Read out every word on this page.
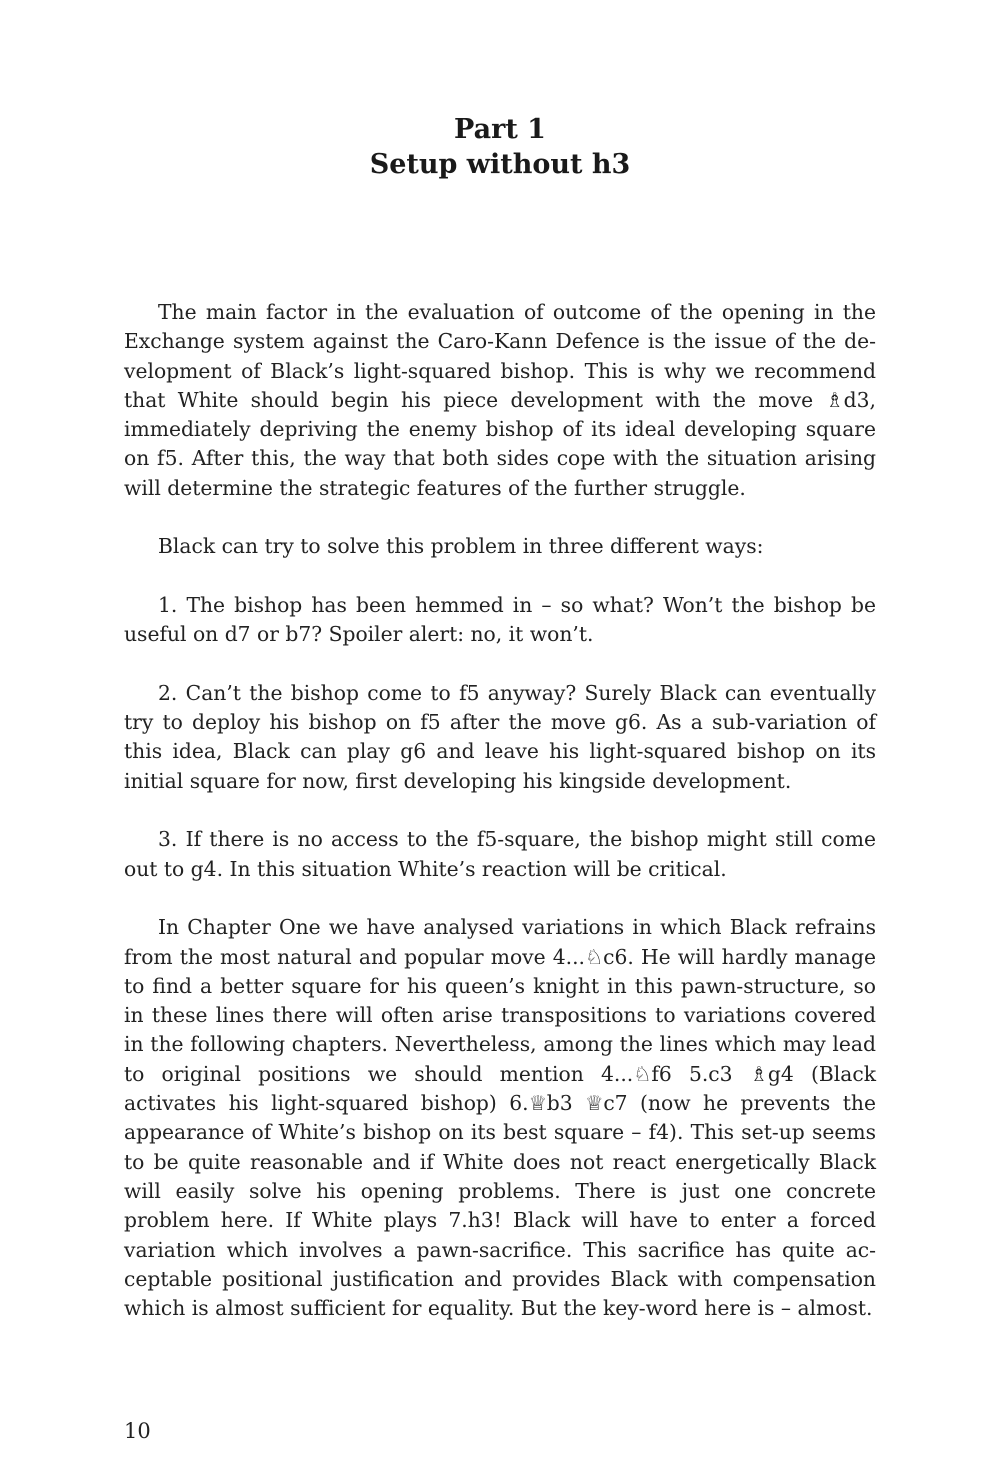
Part 1
Setup without h3

The main factor in the evaluation of outcome of the opening in the Exchange system against the Caro-Kann Defence is the issue of the development of Black’s light-squared bishop. This is why we recommend that White should begin his piece development with the move ♗d3, immediately depriving the enemy bishop of its ideal developing square on f5. After this, the way that both sides cope with the situation arising will determine the strategic features of the further struggle.

Black can try to solve this problem in three different ways:

1. The bishop has been hemmed in – so what? Won’t the bishop be useful on d7 or b7? Spoiler alert: no, it won’t.

2. Can’t the bishop come to f5 anyway? Surely Black can eventually try to deploy his bishop on f5 after the move g6. As a sub-variation of this idea, Black can play g6 and leave his light-squared bishop on its initial square for now, first developing his kingside development.

3. If there is no access to the f5-square, the bishop might still come out to g4. In this situation White’s reaction will be critical.

In Chapter One we have analysed variations in which Black refrains from the most natural and popular move 4...♘c6. He will hardly manage to find a better square for his queen’s knight in this pawn-structure, so in these lines there will often arise transpositions to variations covered in the following chapters. Nevertheless, among the lines which may lead to original positions we should mention 4...♘f6 5.c3 ♗g4 (Black activates his light-squared bishop) 6.♕b3 ♕c7 (now he prevents the appearance of White’s bishop on its best square – f4). This set-up seems to be quite reasonable and if White does not react energetically Black will easily solve his opening problems. There is just one concrete problem here. If White plays 7.h3! Black will have to enter a forced variation which involves a pawn-sacrifice. This sacrifice has quite acceptable positional justification and provides Black with compensation which is almost sufficient for equality. But the key-word here is – almost.

10
